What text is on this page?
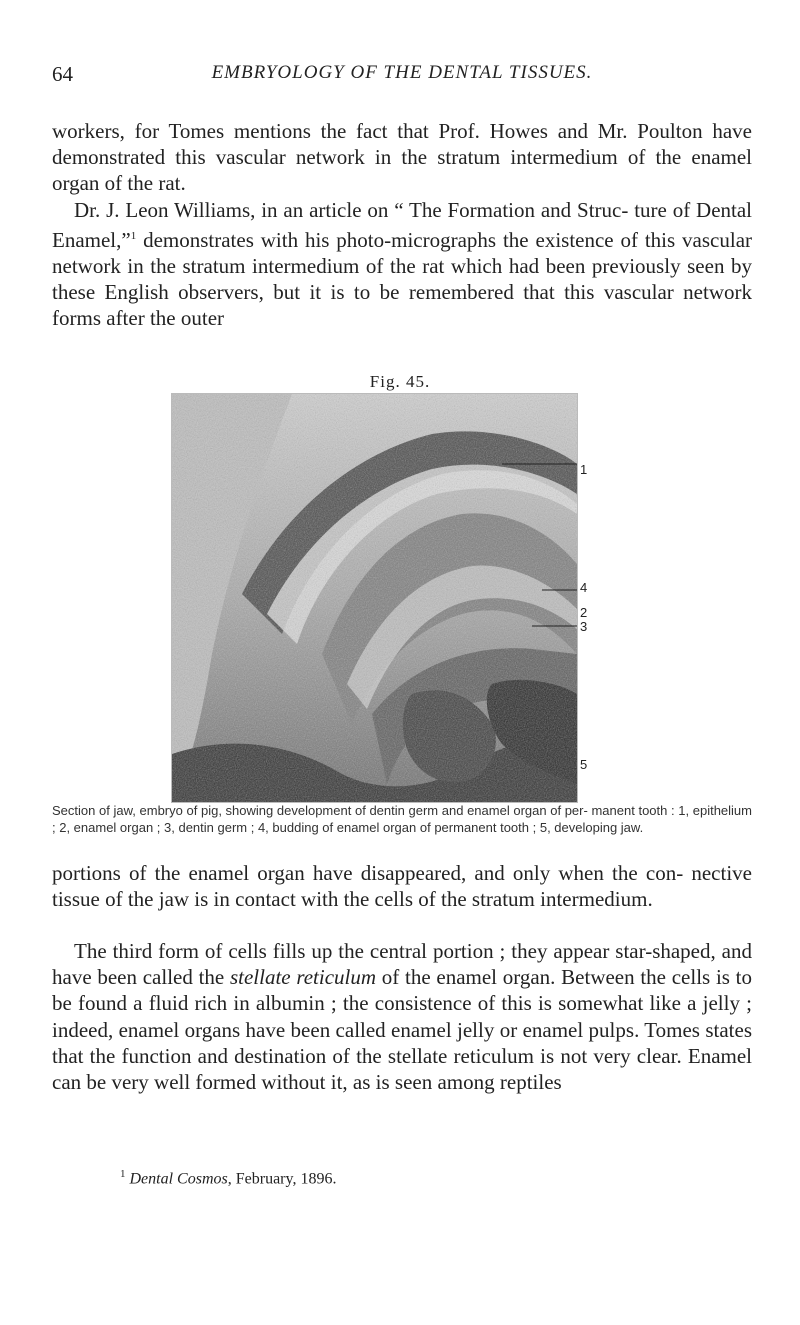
64	EMBRYOLOGY OF THE DENTAL TISSUES.

workers, for Tomes mentions the fact that Prof. Howes and Mr. Poulton have demonstrated this vascular network in the stratum intermedium of the enamel organ of the rat.
Dr. J. Leon Williams, in an article on “ The Formation and Struc- ture of Dental Enamel,”$^1$ demonstrates with his photo-micrographs the existence of this vascular network in the stratum intermedium of the rat which had been previously seen by these English observers, but it is to be remembered that this vascular network forms after the outer

Fig. 45.
1
4
2
3
5

Section of jaw, embryo of pig, showing development of dentin germ and enamel organ of per- manent tooth : 1, epithelium ; 2, enamel organ ; 3, dentin germ ; 4, budding of enamel organ of permanent tooth ; 5, developing jaw.

portions of the enamel organ have disappeared, and only when the con- nective tissue of the jaw is in contact with the cells of the stratum intermedium.

The third form of cells fills up the central portion ; they appear star-shaped, and have been called the stellate reticulum of the enamel organ. Between the cells is to be found a fluid rich in albumin ; the consistence of this is somewhat like a jelly ; indeed, enamel organs have been called enamel jelly or enamel pulps. Tomes states that the function and destination of the stellate reticulum is not very clear. Enamel can be very well formed without it, as is seen among reptiles

$^1$ Dental Cosmos, February, 1896.
